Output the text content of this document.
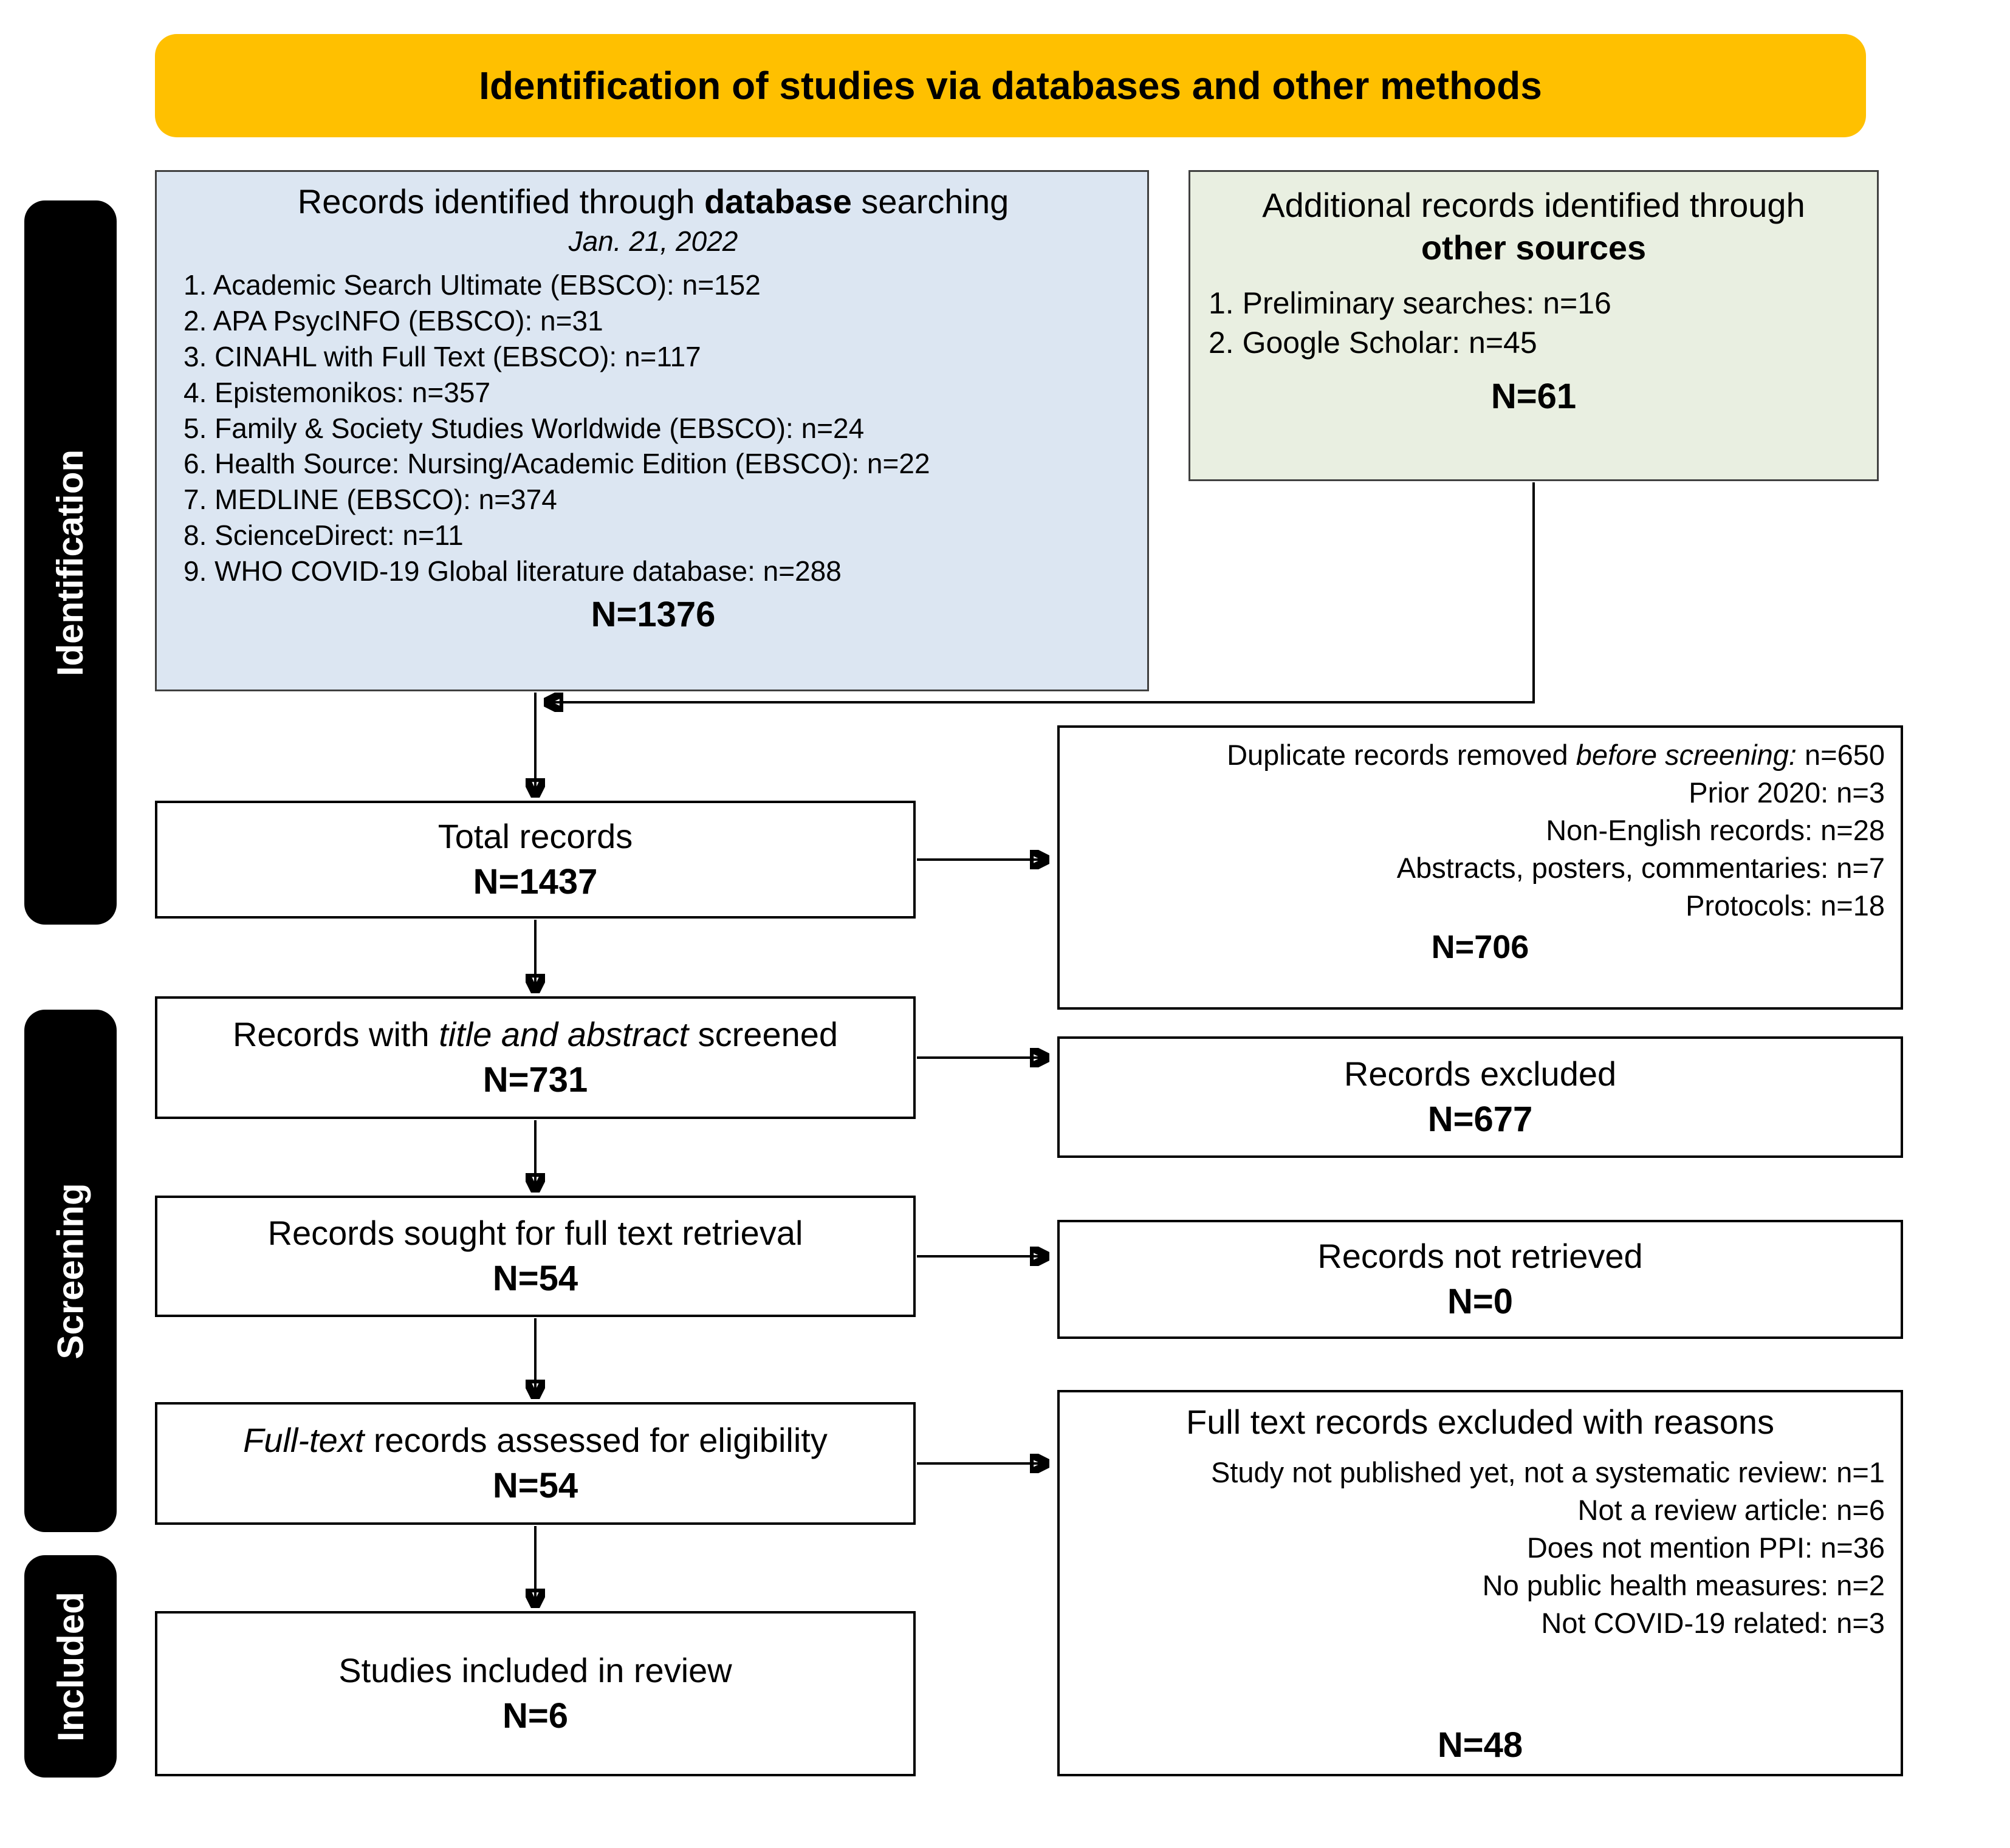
Identification of studies via databases and other methods
Identification
Screening
Included
Records identified through database searching
Jan. 21, 2022
1. Academic Search Ultimate (EBSCO): n=152
2. APA PsycINFO (EBSCO): n=31
3. CINAHL with Full Text (EBSCO): n=117
4. Epistemonikos: n=357
5. Family & Society Studies Worldwide (EBSCO): n=24
6. Health Source: Nursing/Academic Edition (EBSCO): n=22
7. MEDLINE (EBSCO): n=374
8. ScienceDirect: n=11
9. WHO COVID-19 Global literature database: n=288
N=1376
Additional records identified through
other sources
1. Preliminary searches: n=16
2. Google Scholar: n=45
N=61
Total records
N=1437
Duplicate records removed before screening: n=650
Prior 2020: n=3
Non-English records: n=28
Abstracts, posters, commentaries: n=7
Protocols: n=18
N=706
Records with title and abstract screened
N=731	Records excluded
N=677
Records sought for full text retrieval
N=54
Records not retrieved
N=0
Full-text records assessed for eligibility
N=54
Full text records excluded with reasons
Study not published yet, not a systematic review: n=1
Not a review article: n=6
Does not mention PPI: n=36
No public health measures: n=2
Not COVID-19 related: n=3
N=48
Studies included in review
N=6
